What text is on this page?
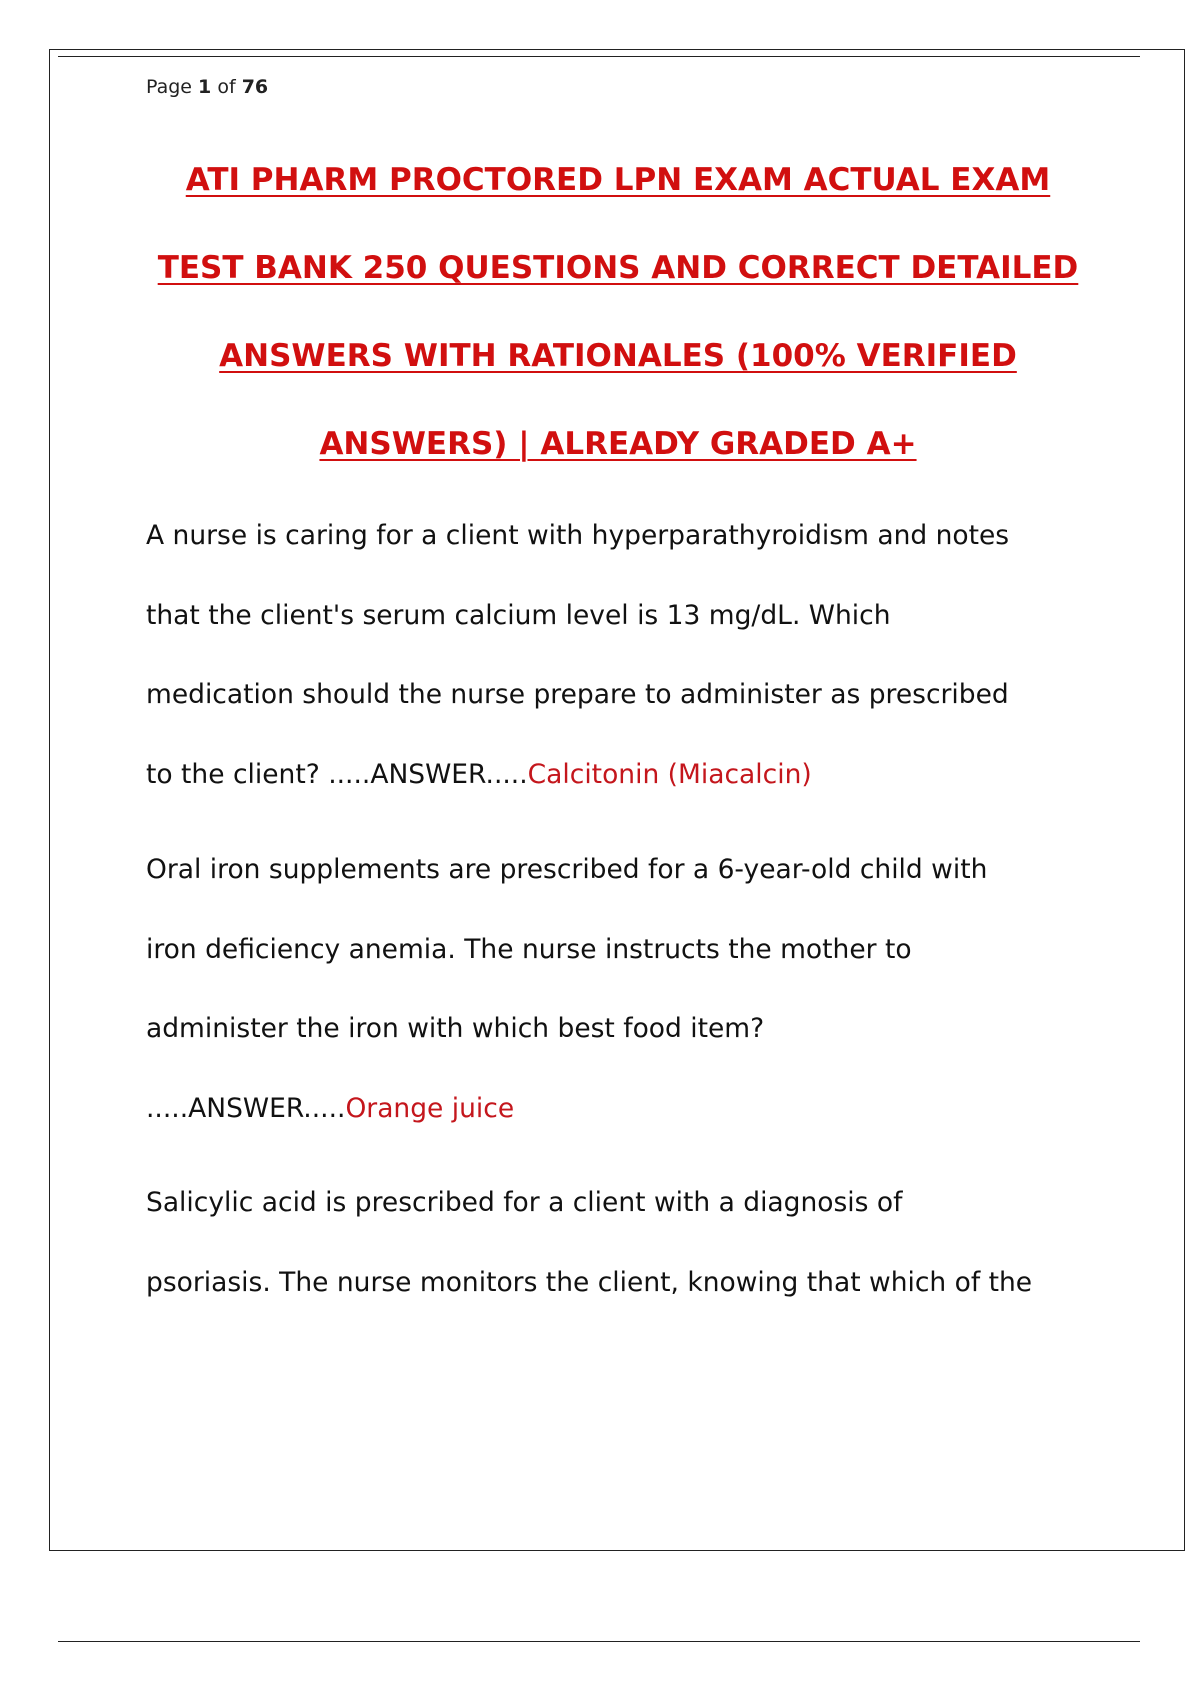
Page 1 of 76

ATI PHARM PROCTORED LPN EXAM ACTUAL EXAM
TEST BANK 250 QUESTIONS AND CORRECT DETAILED
ANSWERS WITH RATIONALES (100% VERIFIED
ANSWERS) | ALREADY GRADED A+

A nurse is caring for a client with hyperparathyroidism and notes
that the client's serum calcium level is 13 mg/dL. Which
medication should the nurse prepare to administer as prescribed
to the client? .....ANSWER.....Calcitonin (Miacalcin)

Oral iron supplements are prescribed for a 6-year-old child with
iron deficiency anemia. The nurse instructs the mother to
administer the iron with which best food item?
.....ANSWER.....Orange juice

Salicylic acid is prescribed for a client with a diagnosis of
psoriasis. The nurse monitors the client, knowing that which of the
